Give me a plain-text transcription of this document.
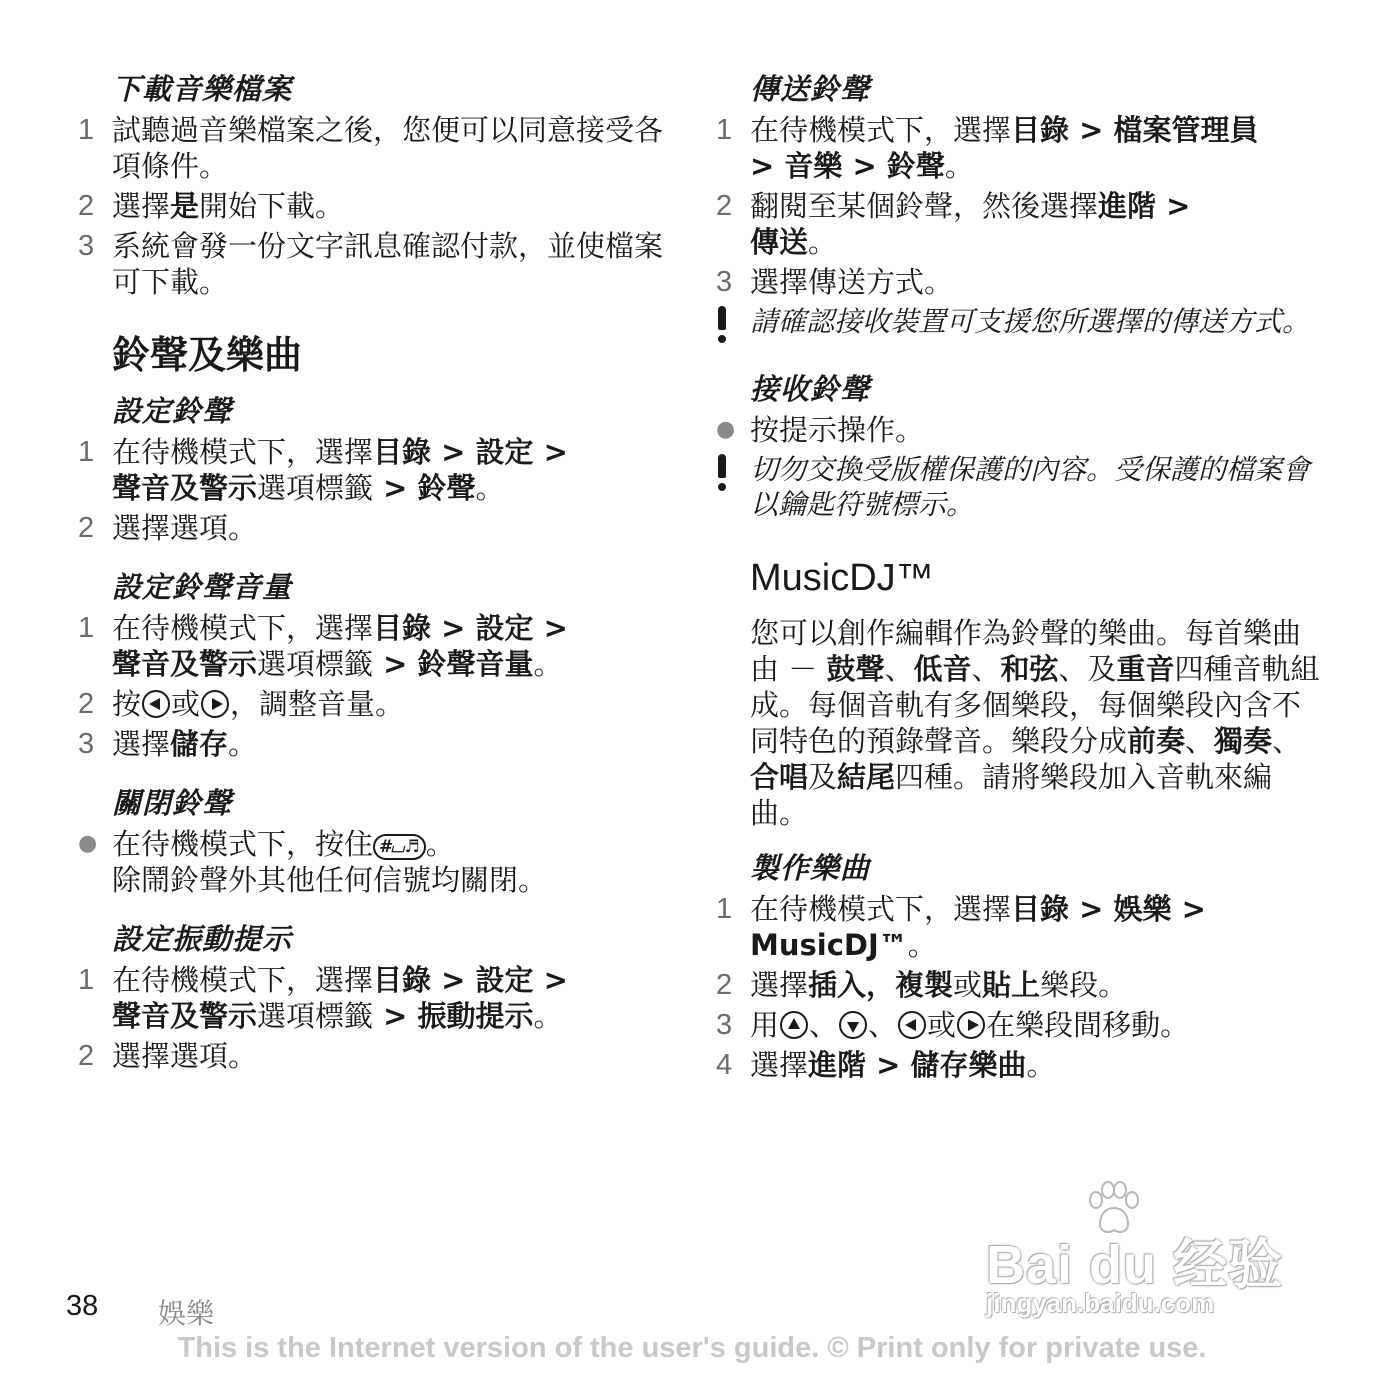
下載音樂檔案
1 試聽過音樂檔案之後，您便可以同意接受各項條件。
2 選擇是開始下載。
3 系統會發一份文字訊息確認付款，並使檔案可下載。
鈴聲及樂曲
設定鈴聲
1 在待機模式下，選擇目錄 > 設定 >
聲音及警示選項標籤 > 鈴聲。
2 選擇選項。
設定鈴聲音量
1 在待機模式下，選擇目錄 > 設定 >
聲音及警示選項標籤 > 鈴聲音量。
2 按 或 ，調整音量。
3 選擇儲存。
關閉鈴聲
● 在待機模式下，按住 #⌴♬ 。
除鬧鈴聲外其他任何信號均關閉。
設定振動提示
1 在待機模式下，選擇目錄 > 設定 >
聲音及警示選項標籤 > 振動提示。
2 選擇選項。
傳送鈴聲
1 在待機模式下，選擇目錄 > 檔案管理員
> 音樂 > 鈴聲。
2 翻閱至某個鈴聲，然後選擇進階 >
傳送。
3 選擇傳送方式。
請確認接收裝置可支援您所選擇的傳送方式。
接收鈴聲
● 按提示操作。
切勿交換受版權保護的內容。受保護的檔案會以鑰匙符號標示。
MusicDJ™
您可以創作編輯作為鈴聲的樂曲。每首樂曲由 － 鼓聲、低音、和弦、及重音四種音軌組成。每個音軌有多個樂段，每個樂段內含不同特色的預錄聲音。樂段分成前奏、獨奏、合唱及結尾四種。請將樂段加入音軌來編曲。
製作樂曲
1 在待機模式下，選擇目錄 > 娛樂 >
MusicDJ™。
2 選擇插入，複製或貼上樂段。
3 用 、 、 或 在樂段間移動。
4 選擇進階 > 儲存樂曲。
Bai du 经验
jingyan.baidu.com
38 娛樂
This is the Internet version of the user's guide. © Print only for private use.
